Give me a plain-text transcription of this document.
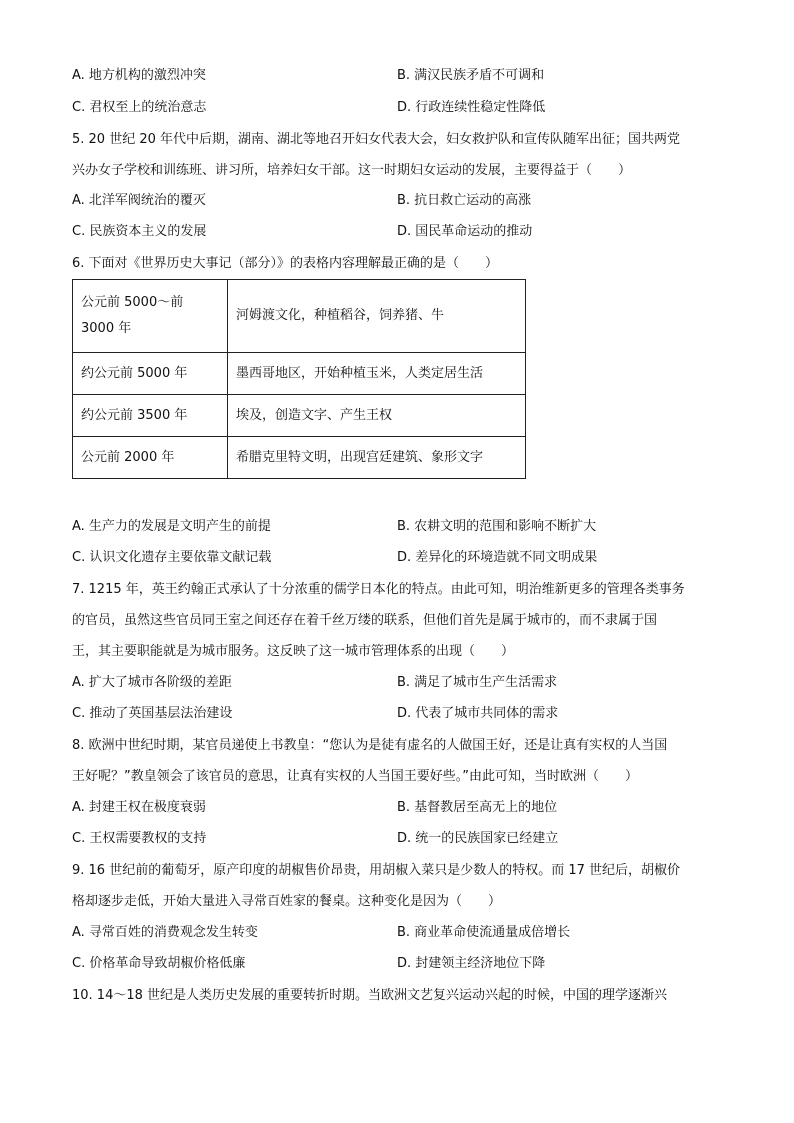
A. 地方机构的激烈冲突	B. 满汉民族矛盾不可调和
C. 君权至上的统治意志	D. 行政连续性稳定性降低

5. 20 世纪 20 年代中后期，湖南、湖北等地召开妇女代表大会，妇女救护队和宣传队随军出征；国共两党

兴办女子学校和训练班、讲习所，培养妇女干部。这一时期妇女运动的发展，主要得益于（　　）

A. 北洋军阀统治的覆灭	B. 抗日救亡运动的高涨
C. 民族资本主义的发展	D. 国民革命运动的推动

6. 下面对《世界历史大事记（部分）》的表格内容理解最正确的是（　　）

公元前 5000～前 3000 年	河姆渡文化，种植稻谷，饲养猪、牛
约公元前 5000 年	墨西哥地区，开始种植玉米，人类定居生活
约公元前 3500 年	埃及，创造文字、产生王权
公元前 2000 年	希腊克里特文明，出现宫廷建筑、象形文字
A. 生产力的发展是文明产生的前提	B. 农耕文明的范围和影响不断扩大
C. 认识文化遗存主要依靠文献记载	D. 差异化的环境造就不同文明成果

7. 1215 年，英王约翰正式承认了十分浓重的儒学日本化的特点。由此可知，明治维新更多的管理各类事务

的官员，虽然这些官员同王室之间还存在着千丝万缕的联系，但他们首先是属于城市的，而不隶属于国

王，其主要职能就是为城市服务。这反映了这一城市管理体系的出现（　　）

A. 扩大了城市各阶级的差距	B. 满足了城市生产生活需求
C. 推动了英国基层法治建设	D. 代表了城市共同体的需求

8. 欧洲中世纪时期，某官员递使上书教皇：“您认为是徒有虚名的人做国王好，还是让真有实权的人当国

王好呢？”教皇领会了该官员的意思，让真有实权的人当国王要好些。”由此可知，当时欧洲（　　）

A. 封建王权在极度衰弱	B. 基督教居至高无上的地位
C. 王权需要教权的支持	D. 统一的民族国家已经建立

9. 16 世纪前的葡萄牙，原产印度的胡椒售价昂贵，用胡椒入菜只是少数人的特权。而 17 世纪后，胡椒价

格却逐步走低，开始大量进入寻常百姓家的餐桌。这种变化是因为（　　）

A. 寻常百姓的消费观念发生转变	B. 商业革命使流通量成倍增长
C. 价格革命导致胡椒价格低廉	D. 封建领主经济地位下降

10. 14～18 世纪是人类历史发展的重要转折时期。当欧洲文艺复兴运动兴起的时候，中国的理学逐渐兴
